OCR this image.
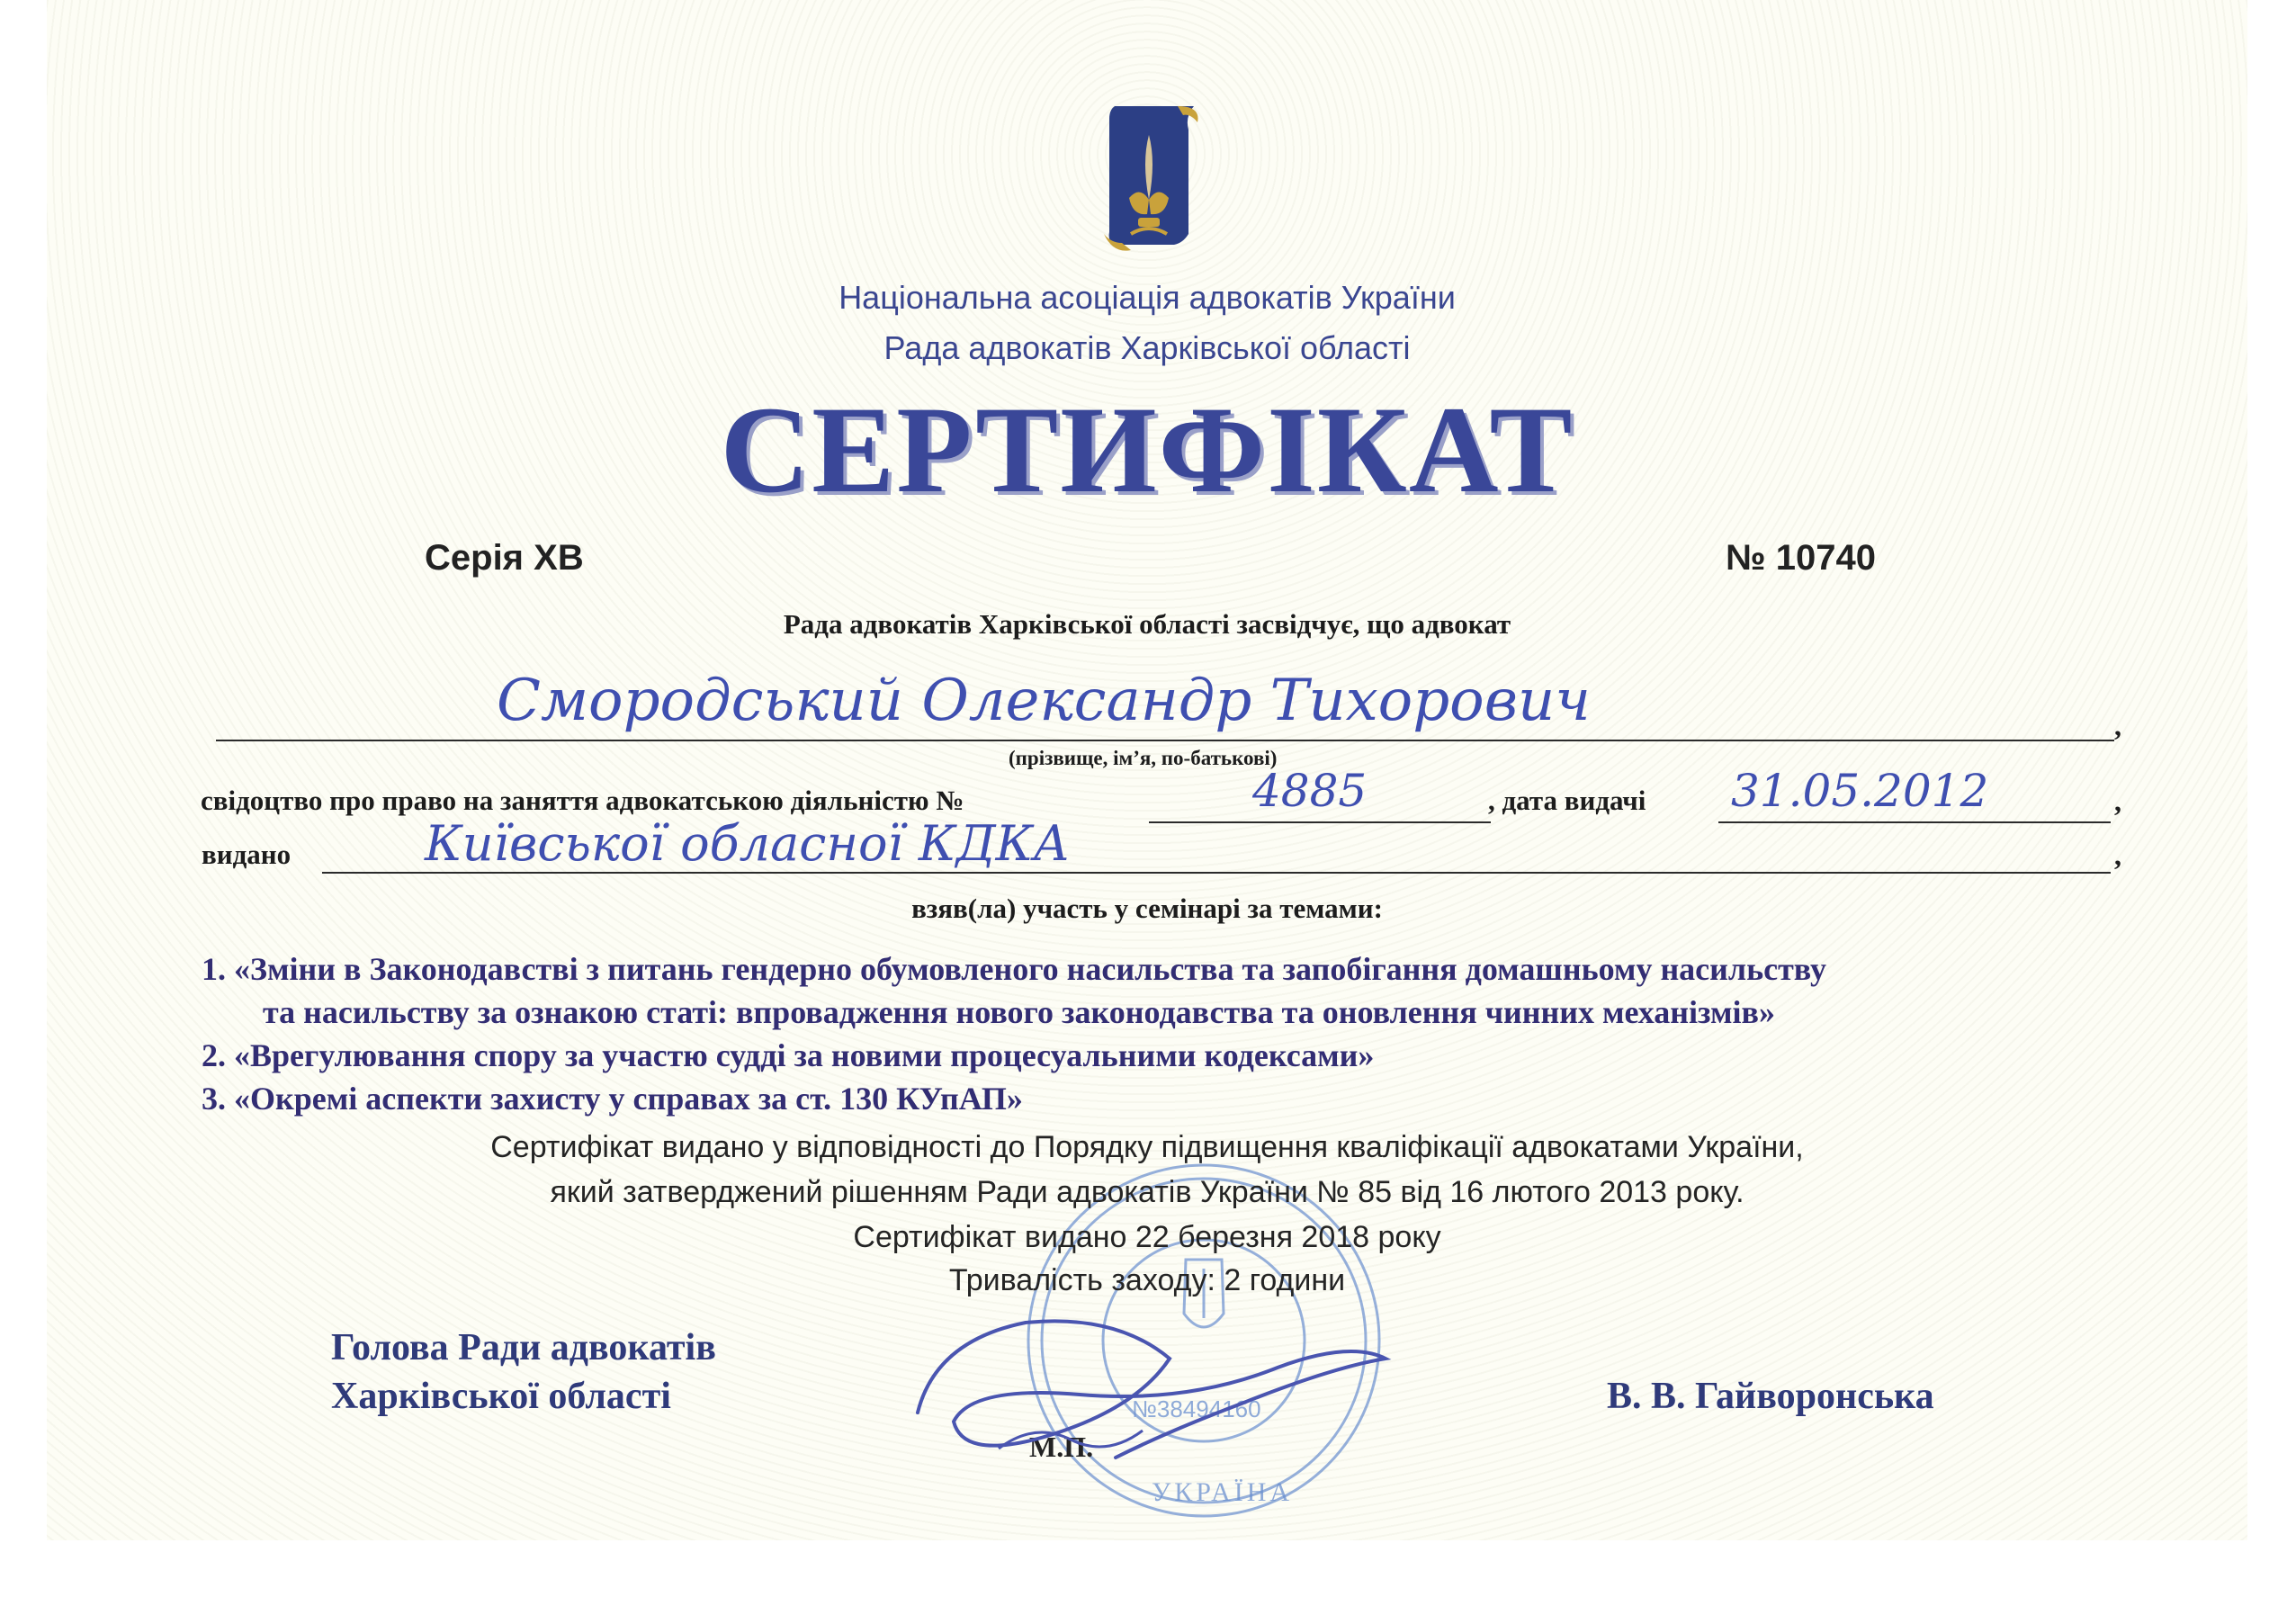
Національна асоціація адвокатів України
Рада адвокатів Харківської області
СЕРТИФІКАТ
Серія ХВ	№ 10740
Рада адвокатів Харківської області засвідчує, що адвокат
Смородський Олександр Тихорович	,
(прізвище, ім’я, по-батькові)
свідоцтво про право на заняття адвокатською діяльністю №	4885	, дата видачі 31.05.2012	,
видано	Київської обласної КДКА	,
взяв(ла) участь у семінарі за темами:
1. «Зміни в Законодавстві з питань гендерно обумовленого насильства та запобігання домашньому насильству
та насильству за ознакою статі: впровадження нового законодавства та оновлення чинних механізмів»
2. «Врегулювання спору за участю судді за новими процесуальними кодексами»
3. «Окремі аспекти захисту у справах за ст. 130 КУпАП»
№38494160
УКРАЇНА
Сертифікат видано у відповідності до Порядку підвищення кваліфікації адвокатами України,
який затверджений рішенням Ради адвокатів України № 85 від 16 лютого 2013 року.
Сертифікат видано 22 березня 2018 року
Тривалість заходу: 2 години
Голова Ради адвокатів
Харківської області
М.П.
В. В. Гайворонська
